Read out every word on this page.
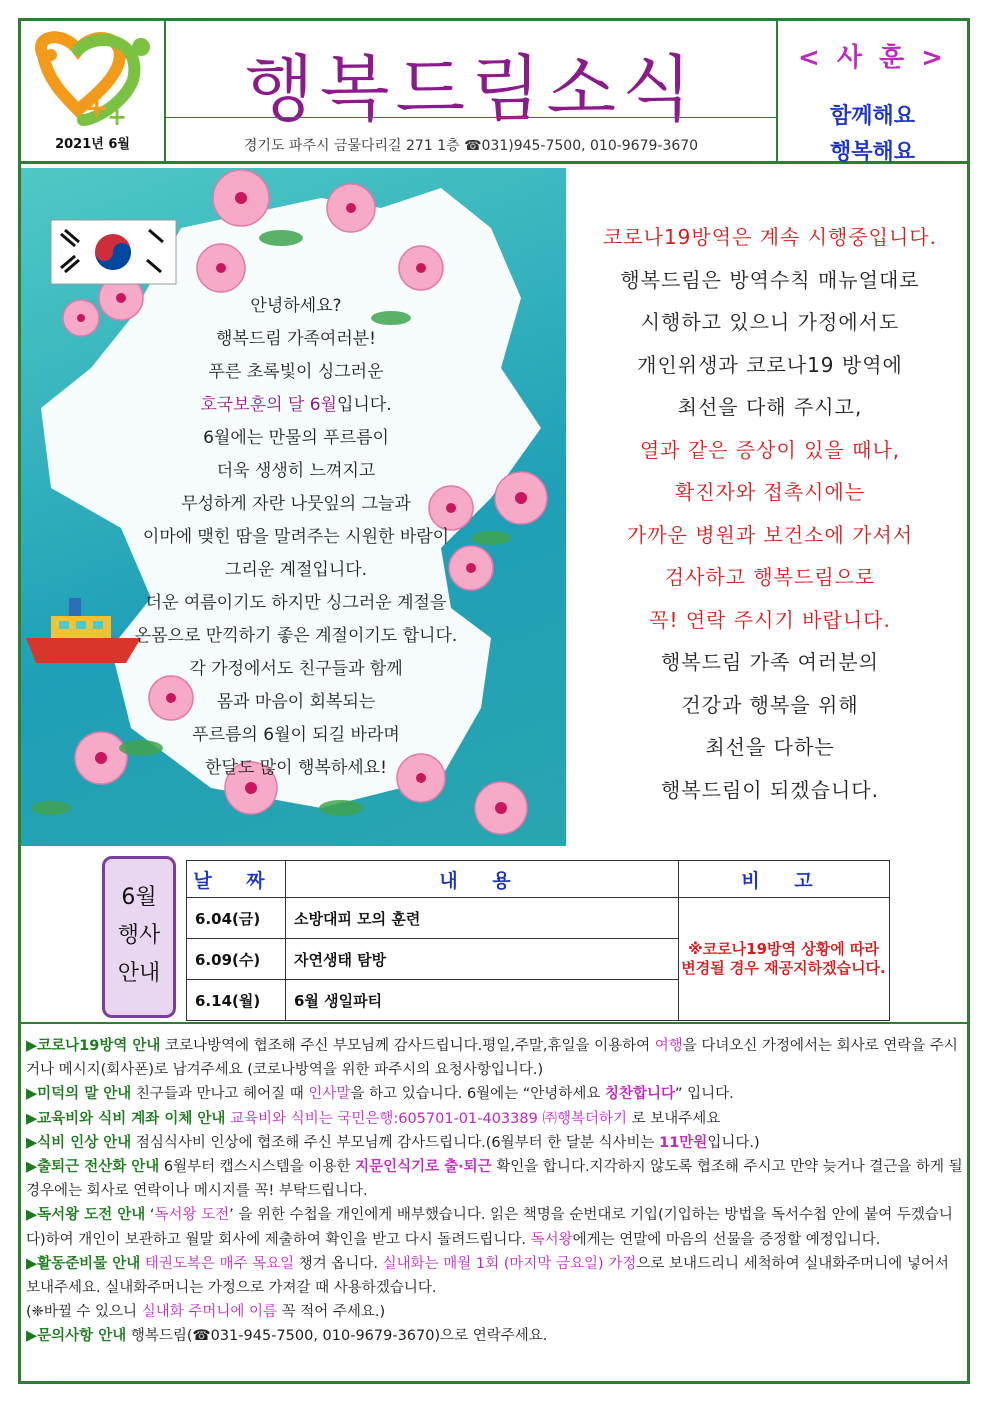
+
+
2021년 6월
행복드림소식
경기도 파주시 금물다리길 271 1층 ☎031)945-7500, 010-9679-3670
< 사 훈 >
함께해요
행복해요
안녕하세요?
행복드림 가족여러분!
푸른 초록빛이 싱그러운
호국보훈의 달 6월입니다.
6월에는 만물의 푸르름이
더욱 생생히 느껴지고
무성하게 자란 나뭇잎의 그늘과
이마에 맺힌 땀을 말려주는 시원한 바람이
그리운 계절입니다.
더운 여름이기도 하지만 싱그러운 계절을
온몸으로 만끽하기 좋은 계절이기도 합니다.
각 가정에서도 친구들과 함께
몸과 마음이 회복되는
푸르름의 6월이 되길 바라며
한달도 많이 행복하세요!
코로나19방역은 계속 시행중입니다.
행복드림은 방역수칙 매뉴얼대로
시행하고 있으니 가정에서도
개인위생과 코로나19 방역에
최선을 다해 주시고,
열과 같은 증상이 있을 때나,
확진자와 접촉시에는
가까운 병원과 보건소에 가셔서
검사하고 행복드림으로
꼭! 연락 주시기 바랍니다.
행복드림 가족 여러분의
건강과 행복을 위해
최선을 다하는
행복드림이 되겠습니다.
6월
행사
안내
날 짜	내 용	비 고
6.04(금)	소방대피 모의 훈련	※코로나19방역 상황에 따라 변경될 경우 재공지하겠습니다.
6.09(수)	자연생태 탐방	
6.14(월)	6월 생일파티	

▶코로나19방역 안내 코로나방역에 협조해 주신 부모님께 감사드립니다.평일,주말,휴일을 이용하여 여행을 다녀오신 가정에서는 회사로 연락을 주시거나 메시지(회사폰)로 남겨주세요 (코로나방역을 위한 파주시의 요청사항입니다.)

▶미덕의 말 안내 친구들과 만나고 헤어질 때 인사말을 하고 있습니다. 6월에는 “안녕하세요 칭찬합니다” 입니다.

▶교육비와 식비 계좌 이체 안내 교육비와 식비는 국민은행:605701-01-403389 ㈜행복더하기 로 보내주세요

▶식비 인상 안내 점심식사비 인상에 협조해 주신 부모님께 감사드립니다.(6월부터 한 달분 식사비는 11만원입니다.)

▶출퇴근 전산화 안내 6월부터 캡스시스템을 이용한 지문인식기로 출·퇴근 확인을 합니다.지각하지 않도록 협조해 주시고 만약 늦거나 결근을 하게 될 경우에는 회사로 연락이나 메시지를 꼭! 부탁드립니다.

▶독서왕 도전 안내 ‘독서왕 도전’ 을 위한 수첩을 개인에게 배부했습니다. 읽은 책명을 순번대로 기입(기입하는 방법을 독서수첩 안에 붙여 두겠습니다)하여 개인이 보관하고 월말 회사에 제출하여 확인을 받고 다시 돌려드립니다. 독서왕에게는 연말에 마음의 선물을 증정할 예정입니다.

▶활동준비물 안내 태권도복은 매주 목요일 챙겨 옵니다. 실내화는 매월 1회 (마지막 금요일) 가정으로 보내드리니 세척하여 실내화주머니에 넣어서 보내주세요. 실내화주머니는 가정으로 가져갈 때 사용하겠습니다.

(❈바뀔 수 있으니 실내화 주머니에 이름 꼭 적어 주세요.)

▶문의사항 안내 행복드림(☎031-945-7500, 010-9679-3670)으로 연락주세요.
